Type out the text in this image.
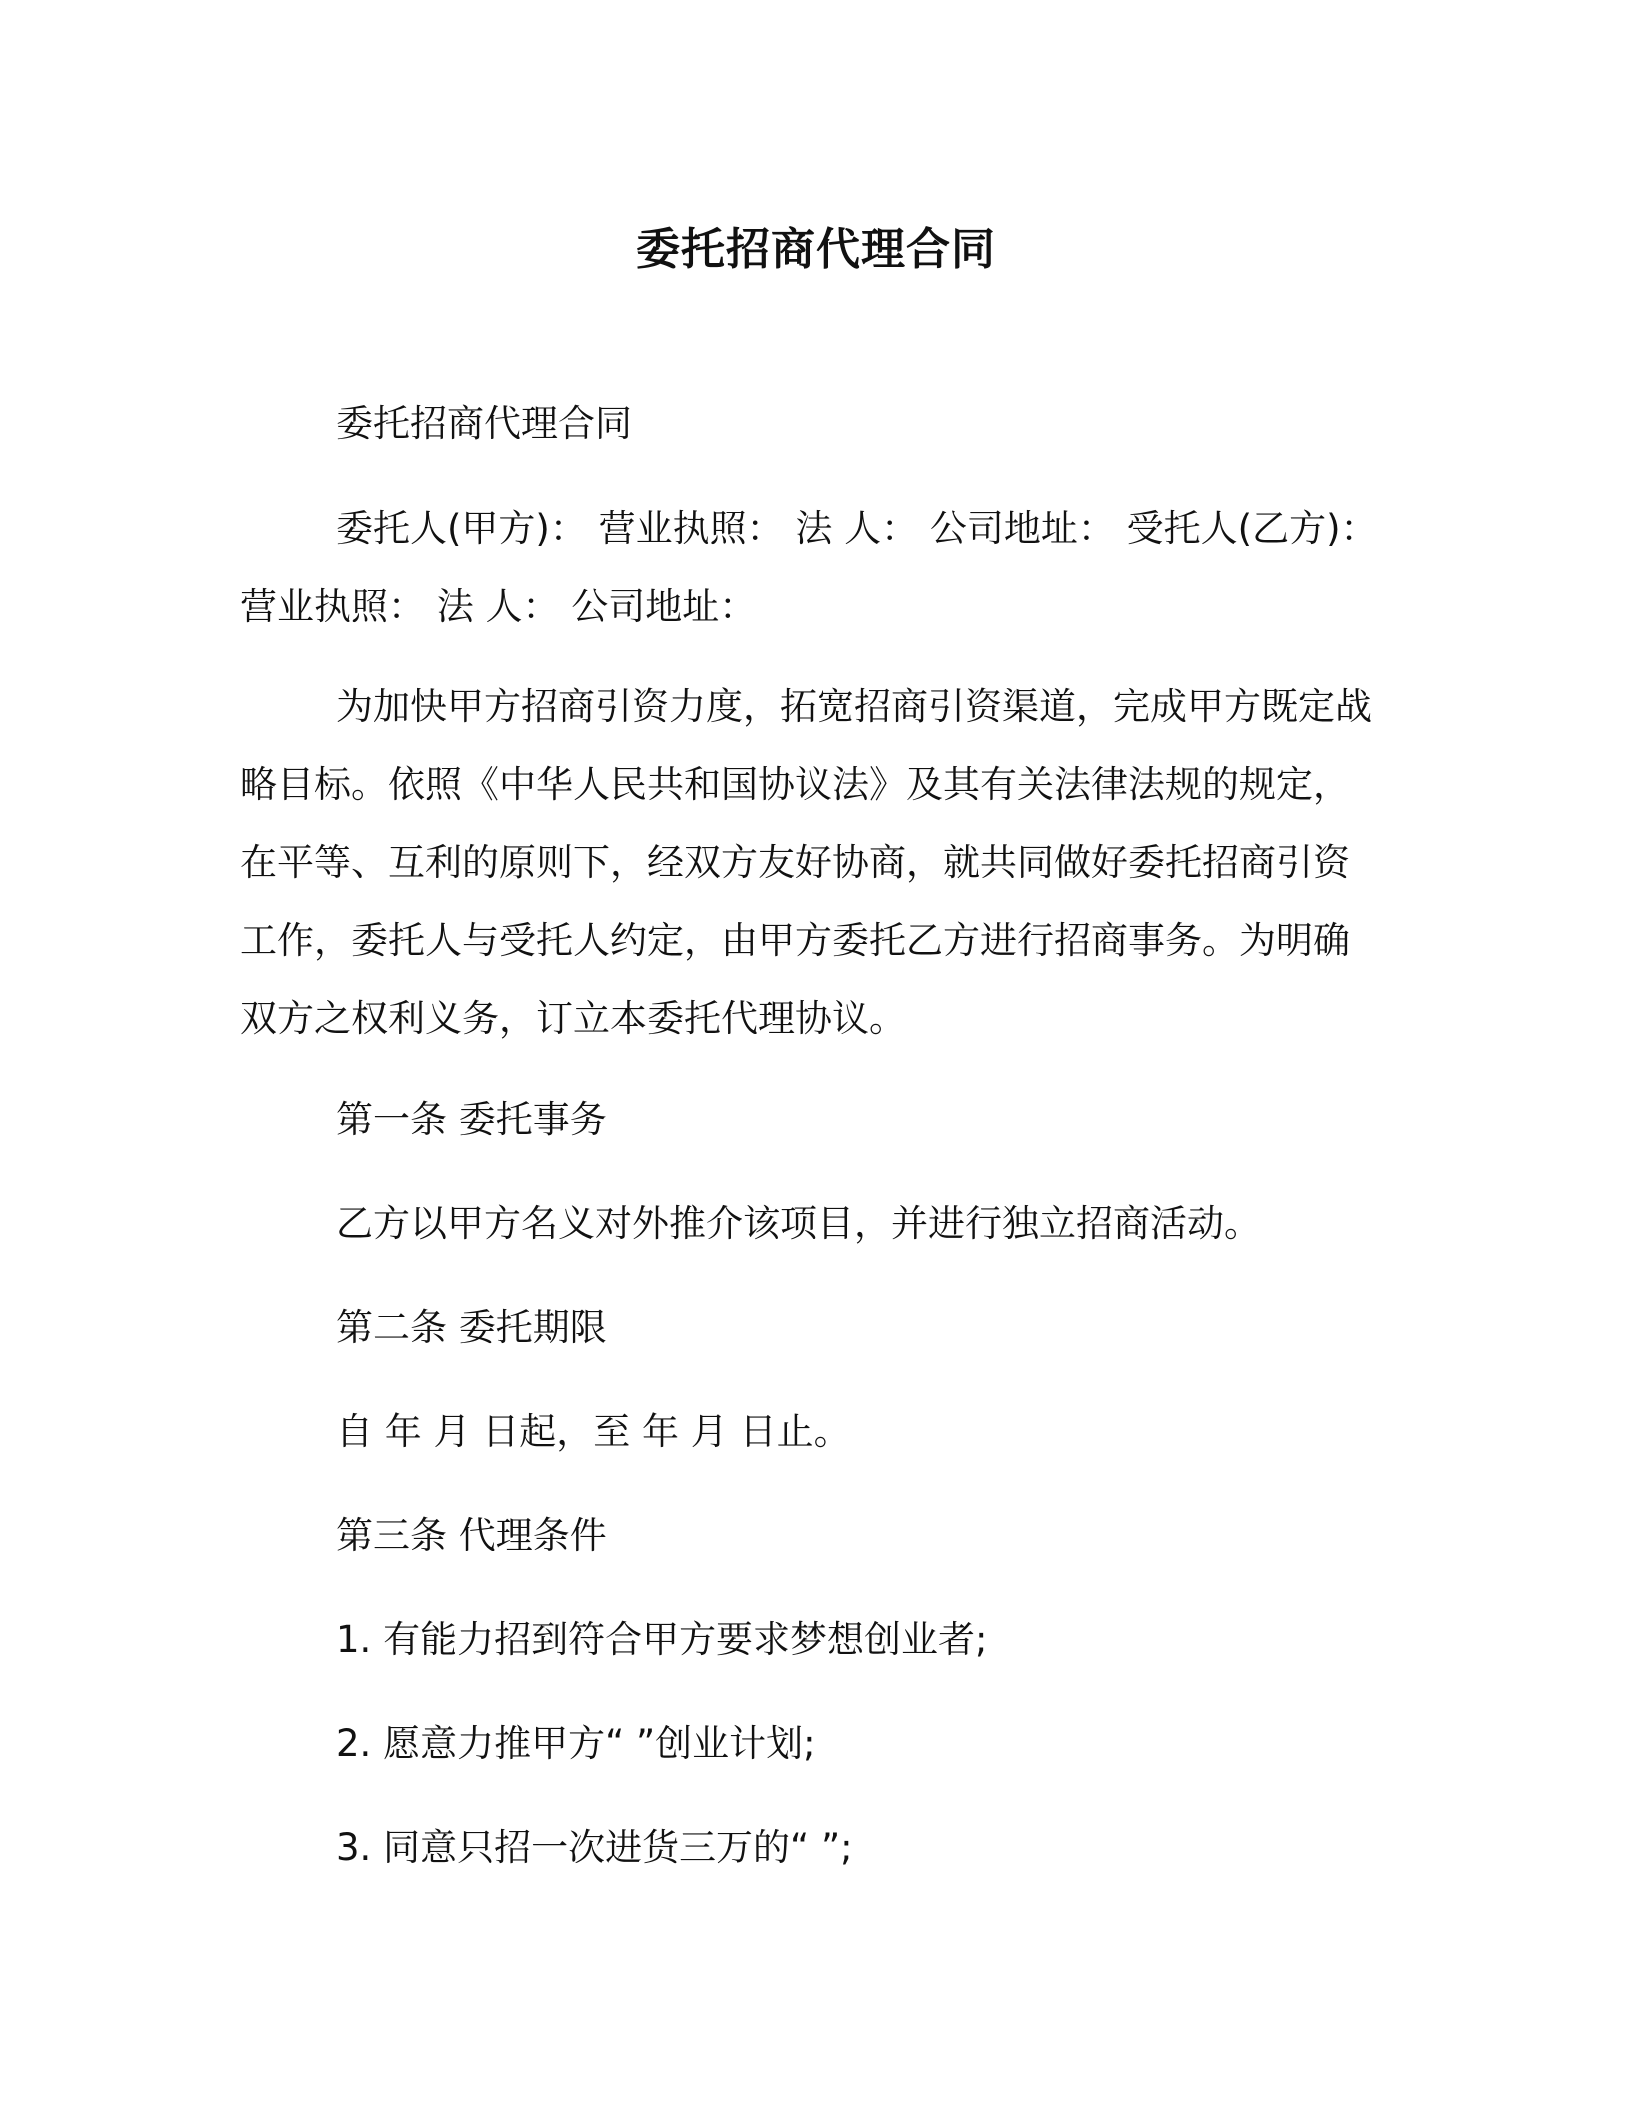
委托招商代理合同

委托招商代理合同

委托人(甲方)： 营业执照： 法 人： 公司地址： 受托人(乙方)： 营业执照： 法 人： 公司地址：

为加快甲方招商引资力度，拓宽招商引资渠道，完成甲方既定战略目标。依照《中华人民共和国协议法》及其有关法律法规的规定，在平等、互利的原则下，经双方友好协商，就共同做好委托招商引资工作，委托人与受托人约定，由甲方委托乙方进行招商事务。为明确双方之权利义务，订立本委托代理协议。

第一条 委托事务

乙方以甲方名义对外推介该项目，并进行独立招商活动。

第二条 委托期限

自 年 月 日起，至 年 月 日止。

第三条 代理条件

1. 有能力招到符合甲方要求梦想创业者;

2. 愿意力推甲方“ ”创业计划;

3. 同意只招一次进货三万的“ ”;
